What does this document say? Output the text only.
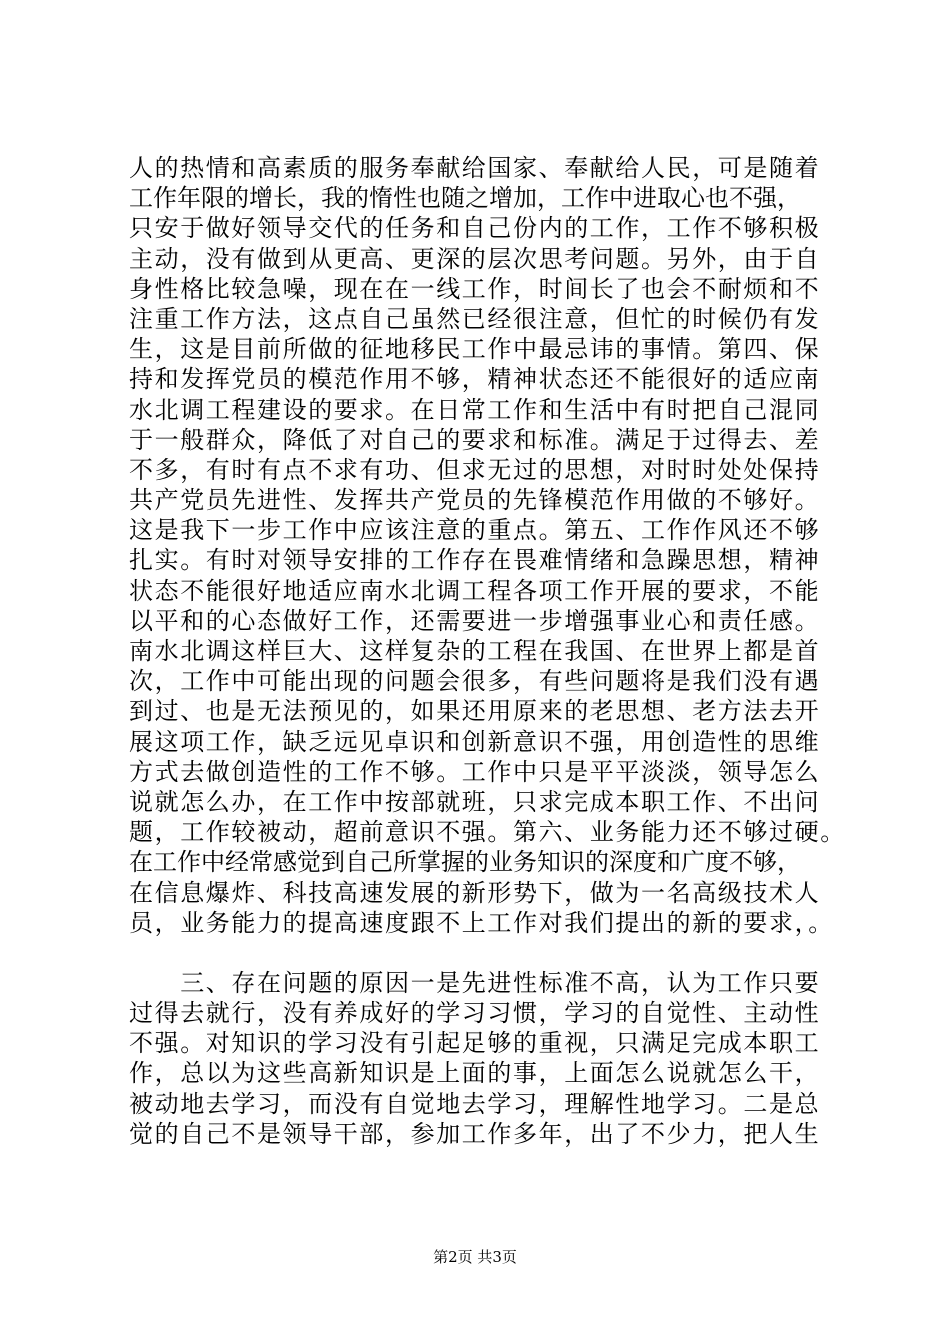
人的热情和高素质的服务奉献给国家、奉献给人民，可是随着
工作年限的增长，我的惰性也随之增加，工作中进取心也不强，
只安于做好领导交代的任务和自己份内的工作，工作不够积极
主动，没有做到从更高、更深的层次思考问题。另外，由于自
身性格比较急噪，现在在一线工作，时间长了也会不耐烦和不
注重工作方法，这点自己虽然已经很注意，但忙的时候仍有发
生，这是目前所做的征地移民工作中最忌讳的事情。第四、保
持和发挥党员的模范作用不够，精神状态还不能很好的适应南
水北调工程建设的要求。在日常工作和生活中有时把自己混同
于一般群众，降低了对自己的要求和标准。满足于过得去、差
不多，有时有点不求有功、但求无过的思想，对时时处处保持
共产党员先进性、发挥共产党员的先锋模范作用做的不够好。
这是我下一步工作中应该注意的重点。第五、工作作风还不够
扎实。有时对领导安排的工作存在畏难情绪和急躁思想，精神
状态不能很好地适应南水北调工程各项工作开展的要求，不能
以平和的心态做好工作，还需要进一步增强事业心和责任感。
南水北调这样巨大、这样复杂的工程在我国、在世界上都是首
次，工作中可能出现的问题会很多，有些问题将是我们没有遇
到过、也是无法预见的，如果还用原来的老思想、老方法去开
展这项工作，缺乏远见卓识和创新意识不强，用创造性的思维
方式去做创造性的工作不够。工作中只是平平淡淡，领导怎么
说就怎么办，在工作中按部就班，只求完成本职工作、不出问
题，工作较被动，超前意识不强。第六、业务能力还不够过硬。
在工作中经常感觉到自己所掌握的业务知识的深度和广度不够，
在信息爆炸、科技高速发展的新形势下，做为一名高级技术人
员，业务能力的提高速度跟不上工作对我们提出的新的要求，。
　　三、存在问题的原因一是先进性标准不高，认为工作只要
过得去就行，没有养成好的学习习惯，学习的自觉性、主动性
不强。对知识的学习没有引起足够的重视，只满足完成本职工
作，总以为这些高新知识是上面的事，上面怎么说就怎么干，
被动地去学习，而没有自觉地去学习，理解性地学习。二是总
觉的自己不是领导干部，参加工作多年，出了不少力，把人生
第2页 共3页
